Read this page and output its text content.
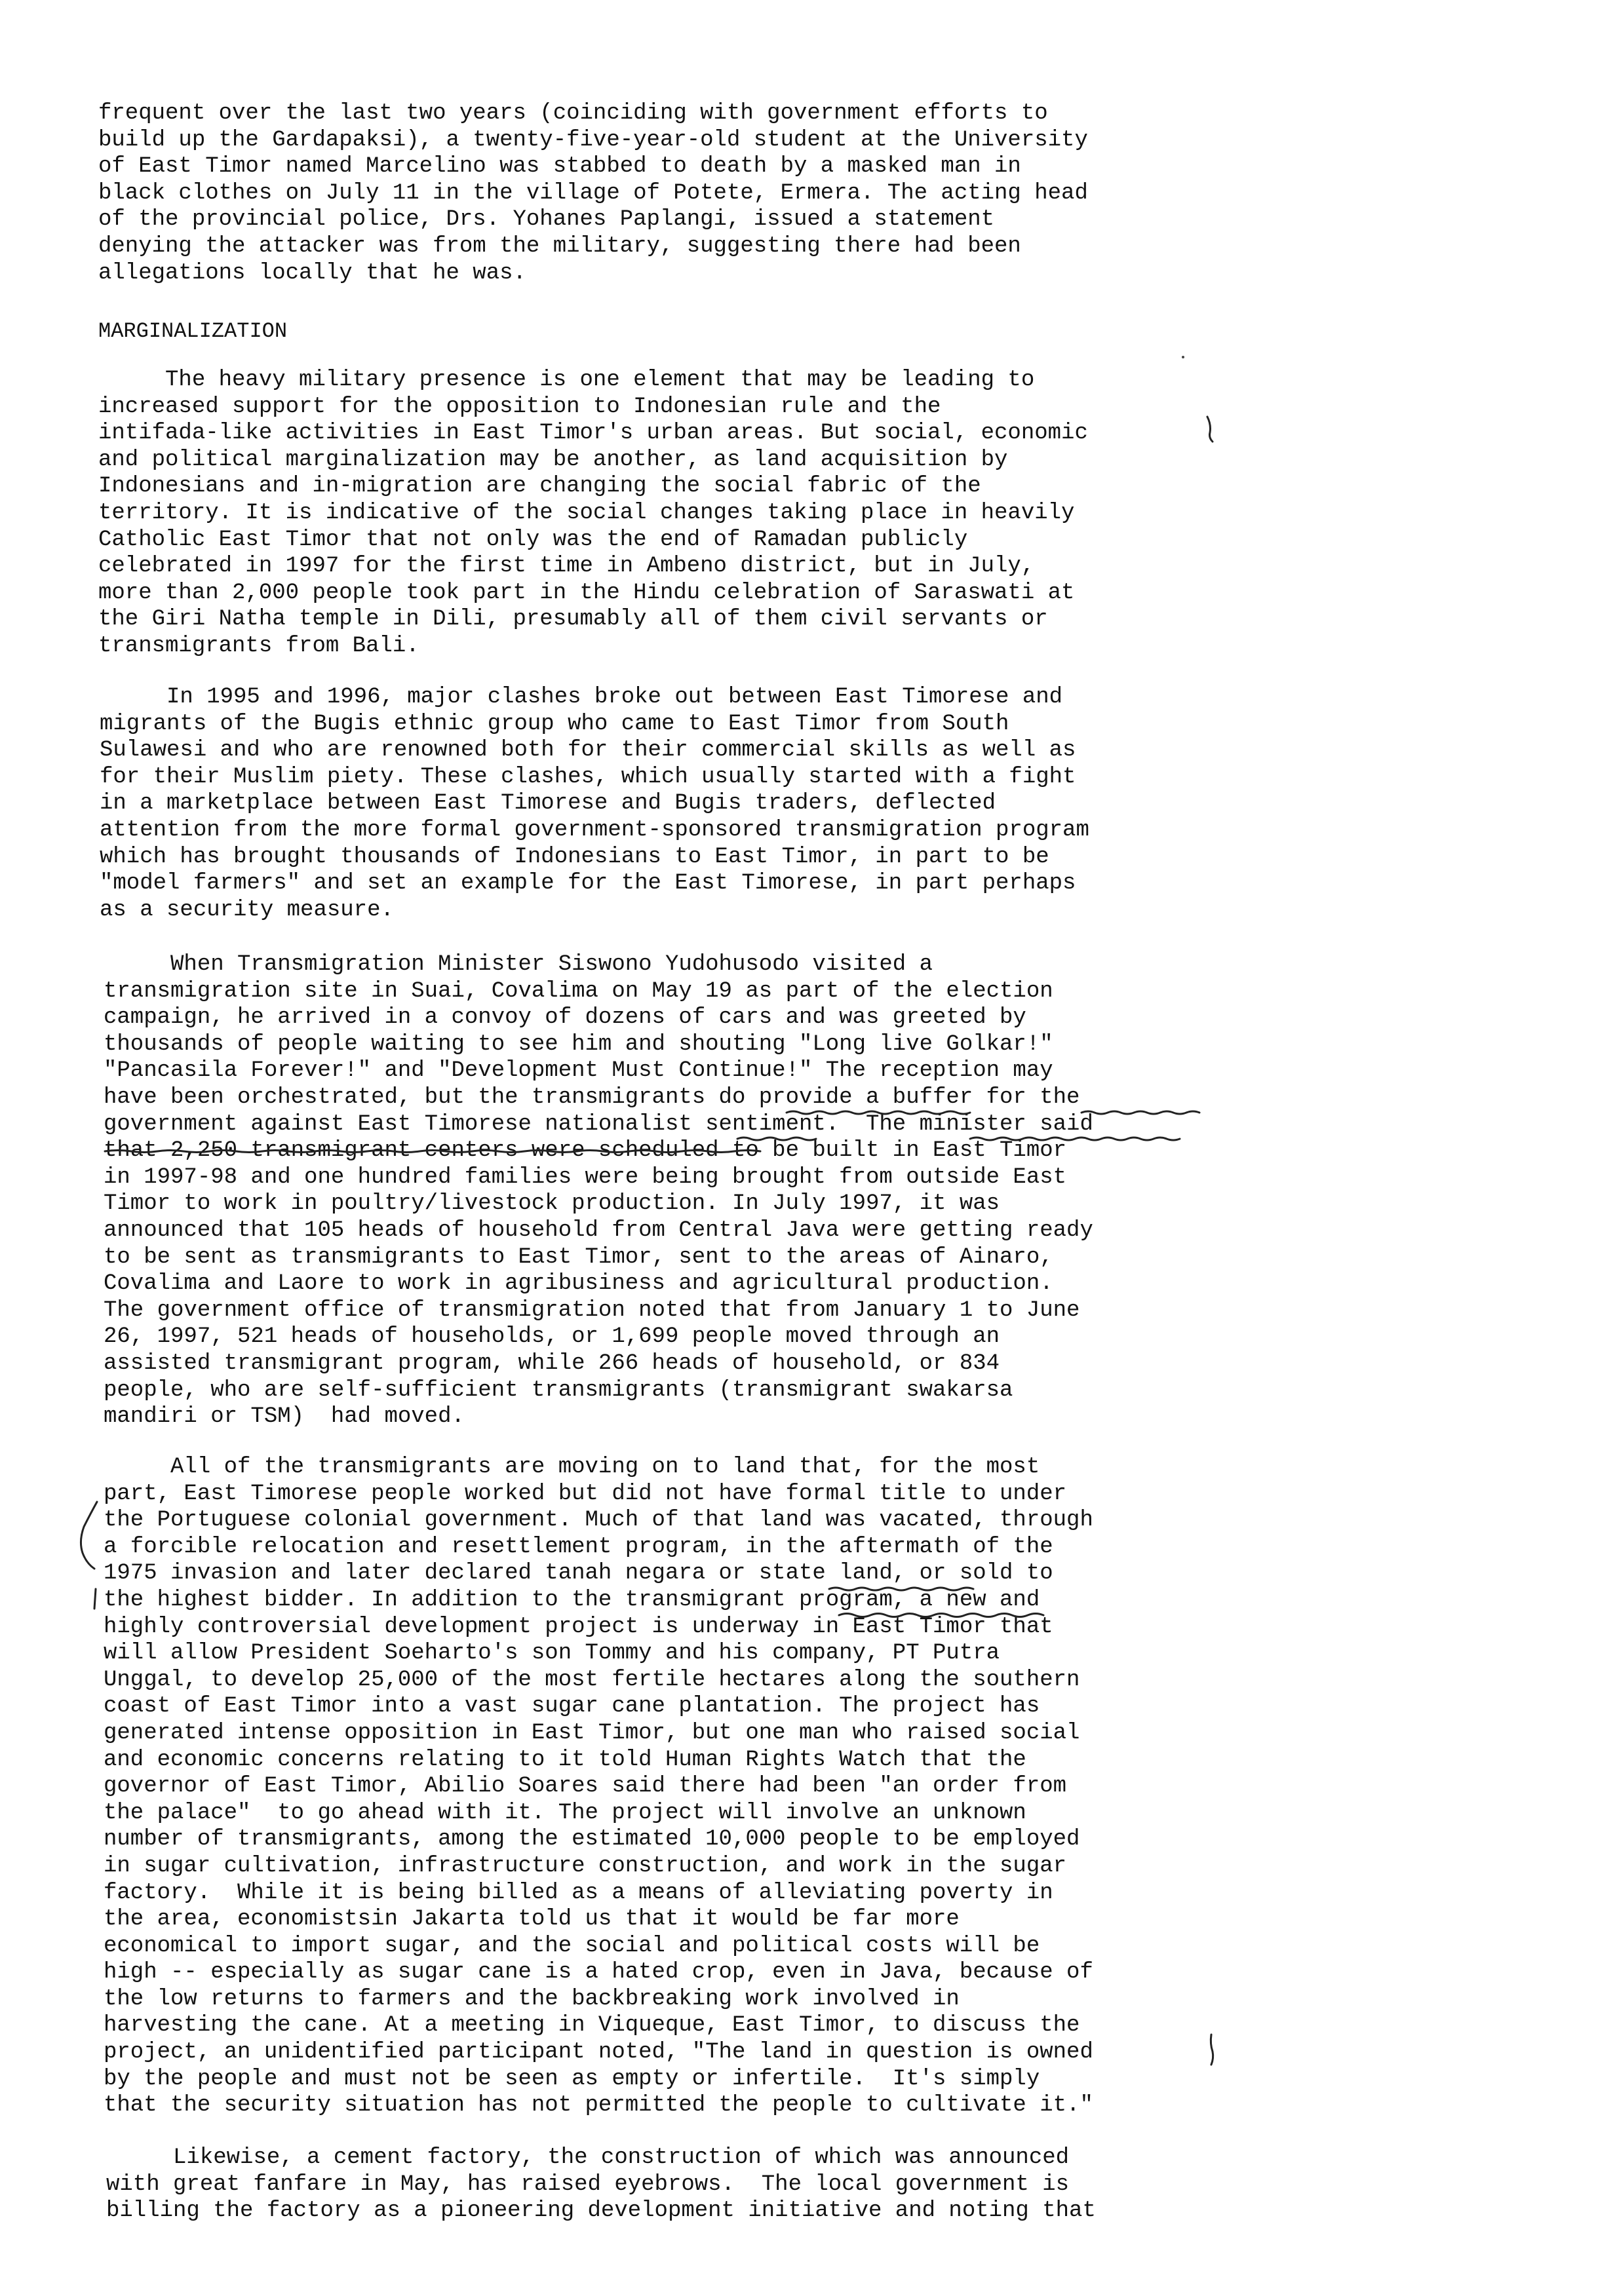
frequent over the last two years (coinciding with government efforts to
build up the Gardapaksi), a twenty-five-year-old student at the University
of East Timor named Marcelino was stabbed to death by a masked man in
black clothes on July 11 in the village of Potete, Ermera. The acting head
of the provincial police, Drs. Yohanes Paplangi, issued a statement
denying the attacker was from the military, suggesting there had been
allegations locally that he was.
MARGINALIZATION
The heavy military presence is one element that may be leading to
increased support for the opposition to Indonesian rule and the
intifada-like activities in East Timor's urban areas. But social, economic
and political marginalization may be another, as land acquisition by
Indonesians and in-migration are changing the social fabric of the
territory. It is indicative of the social changes taking place in heavily
Catholic East Timor that not only was the end of Ramadan publicly
celebrated in 1997 for the first time in Ambeno district, but in July,
more than 2,000 people took part in the Hindu celebration of Saraswati at
the Giri Natha temple in Dili, presumably all of them civil servants or
transmigrants from Bali.
In 1995 and 1996, major clashes broke out between East Timorese and
migrants of the Bugis ethnic group who came to East Timor from South
Sulawesi and who are renowned both for their commercial skills as well as
for their Muslim piety. These clashes, which usually started with a fight
in a marketplace between East Timorese and Bugis traders, deflected
attention from the more formal government-sponsored transmigration program
which has brought thousands of Indonesians to East Timor, in part to be
"model farmers" and set an example for the East Timorese, in part perhaps
as a security measure.
When Transmigration Minister Siswono Yudohusodo visited a
transmigration site in Suai, Covalima on May 19 as part of the election
campaign, he arrived in a convoy of dozens of cars and was greeted by
thousands of people waiting to see him and shouting "Long live Golkar!"
"Pancasila Forever!" and "Development Must Continue!" The reception may
have been orchestrated, but the transmigrants do provide a buffer for the
government against East Timorese nationalist sentiment.  The minister said
that 2,250 transmigrant centers were scheduled to be built in East Timor
in 1997-98 and one hundred families were being brought from outside East
Timor to work in poultry/livestock production. In July 1997, it was
announced that 105 heads of household from Central Java were getting ready
to be sent as transmigrants to East Timor, sent to the areas of Ainaro,
Covalima and Laore to work in agribusiness and agricultural production.
The government office of transmigration noted that from January 1 to June
26, 1997, 521 heads of households, or 1,699 people moved through an
assisted transmigrant program, while 266 heads of household, or 834
people, who are self-sufficient transmigrants (transmigrant swakarsa
mandiri or TSM)  had moved.
All of the transmigrants are moving on to land that, for the most
part, East Timorese people worked but did not have formal title to under
the Portuguese colonial government. Much of that land was vacated, through
a forcible relocation and resettlement program, in the aftermath of the
1975 invasion and later declared tanah negara or state land, or sold to
the highest bidder. In addition to the transmigrant program, a new and
highly controversial development project is underway in East Timor that
will allow President Soeharto's son Tommy and his company, PT Putra
Unggal, to develop 25,000 of the most fertile hectares along the southern
coast of East Timor into a vast sugar cane plantation. The project has
generated intense opposition in East Timor, but one man who raised social
and economic concerns relating to it told Human Rights Watch that the
governor of East Timor, Abilio Soares said there had been "an order from
the palace"  to go ahead with it. The project will involve an unknown
number of transmigrants, among the estimated 10,000 people to be employed
in sugar cultivation, infrastructure construction, and work in the sugar
factory.  While it is being billed as a means of alleviating poverty in
the area, economistsin Jakarta told us that it would be far more
economical to import sugar, and the social and political costs will be
high -- especially as sugar cane is a hated crop, even in Java, because of
the low returns to farmers and the backbreaking work involved in
harvesting the cane. At a meeting in Viqueque, East Timor, to discuss the
project, an unidentified participant noted, "The land in question is owned
by the people and must not be seen as empty or infertile.  It's simply
that the security situation has not permitted the people to cultivate it."
Likewise, a cement factory, the construction of which was announced
with great fanfare in May, has raised eyebrows.  The local government is
billing the factory as a pioneering development initiative and noting that
